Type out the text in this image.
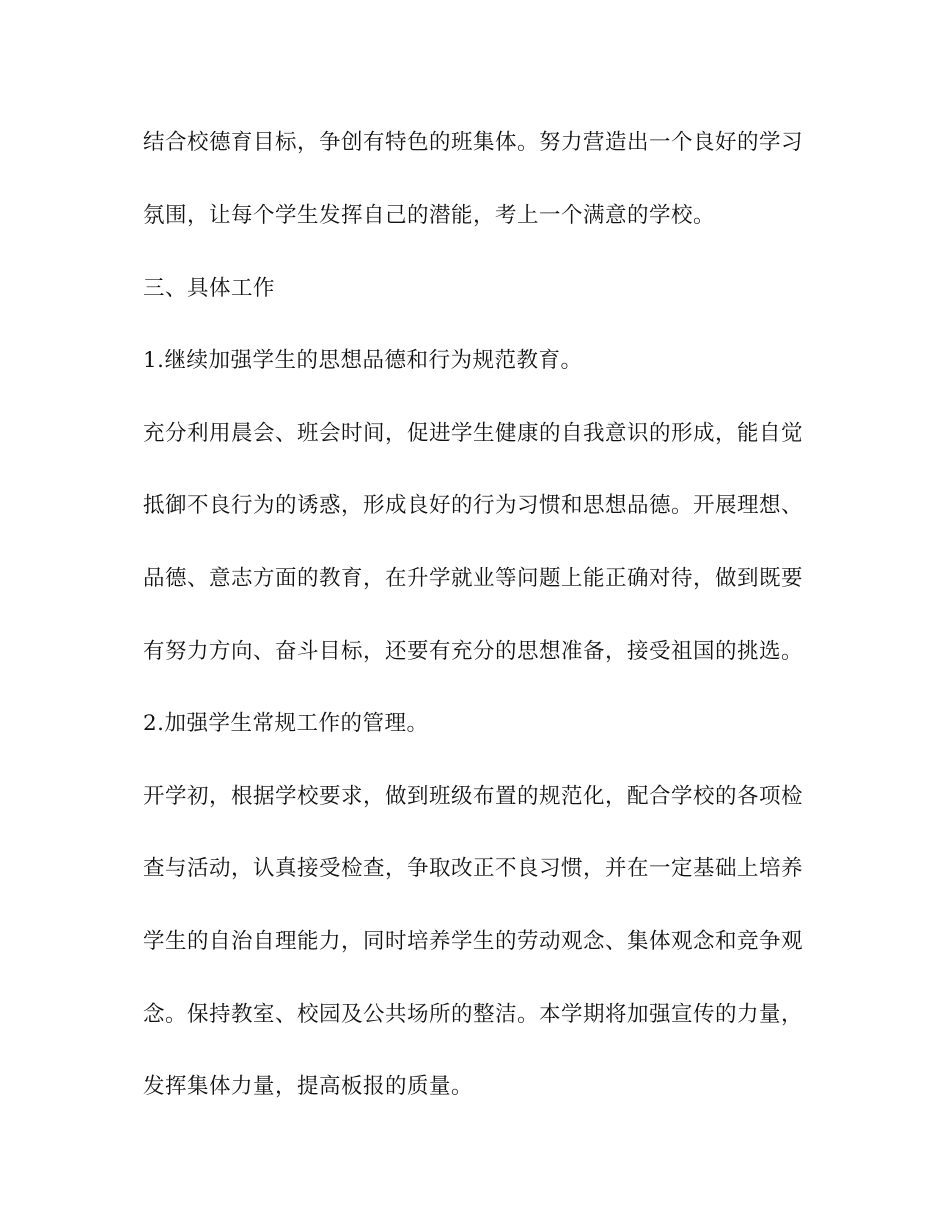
结合校德育目标，争创有特色的班集体。努力营造出一个良好的学习
氛围，让每个学生发挥自己的潜能，考上一个满意的学校。
三、具体工作
1.继续加强学生的思想品德和行为规范教育。
充分利用晨会、班会时间，促进学生健康的自我意识的形成，能自觉
抵御不良行为的诱惑，形成良好的行为习惯和思想品德。开展理想、
品德、意志方面的教育，在升学就业等问题上能正确对待，做到既要
有努力方向、奋斗目标，还要有充分的思想准备，接受祖国的挑选。
2.加强学生常规工作的管理。
开学初，根据学校要求，做到班级布置的规范化，配合学校的各项检
查与活动，认真接受检查，争取改正不良习惯，并在一定基础上培养
学生的自治自理能力，同时培养学生的劳动观念、集体观念和竞争观
念。保持教室、校园及公共场所的整洁。本学期将加强宣传的力量，
发挥集体力量，提高板报的质量。
